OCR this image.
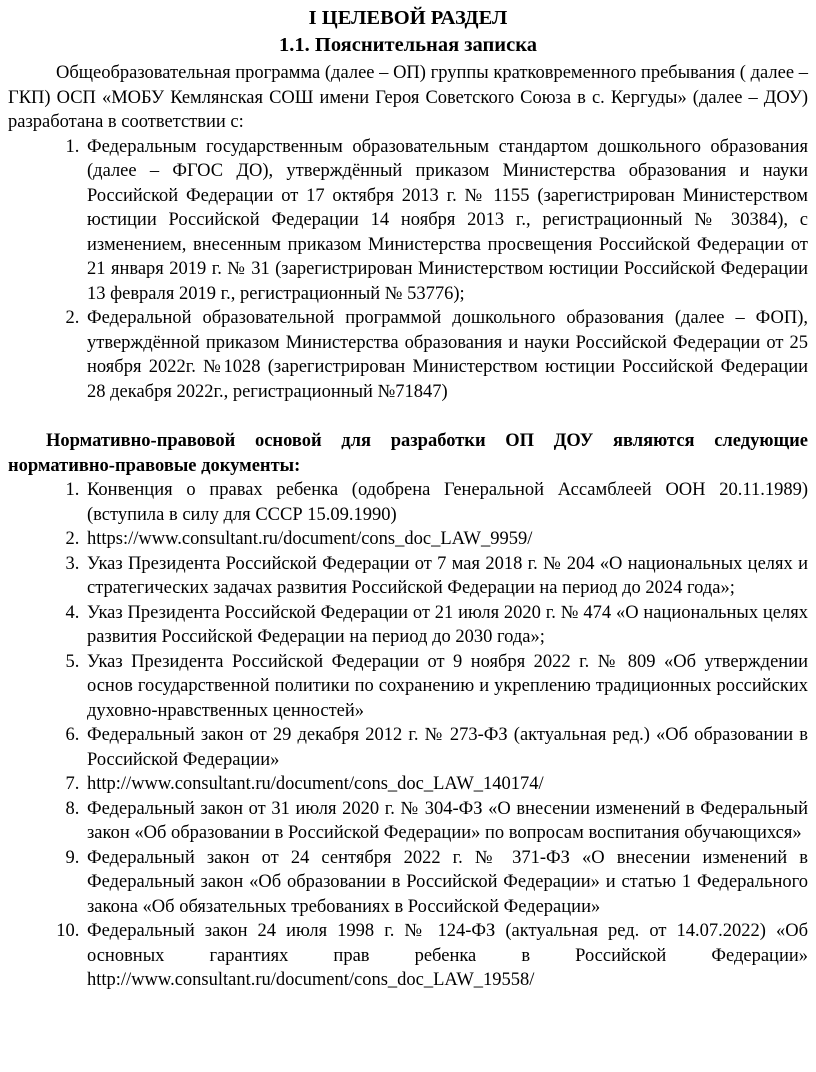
I ЦЕЛЕВОЙ РАЗДЕЛ
1.1. Пояснительная записка

Общеобразовательная программа (далее – ОП) группы кратковременного пребывания ( далее – ГКП) ОСП «МОБУ Кемлянская СОШ имени Героя Советского Союза в с. Кергуды» (далее – ДОУ) разработана в соответствии с:

1. Федеральным государственным образовательным стандартом дошкольного образования (далее – ФГОС ДО), утверждённый приказом Министерства образования и науки Российской Федерации от 17 октября 2013 г. № 1155 (зарегистрирован Министерством юстиции Российской Федерации 14 ноября 2013 г., регистрационный № 30384), с изменением, внесенным приказом Министерства просвещения Российской Федерации от 21 января 2019 г. № 31 (зарегистрирован Министерством юстиции Российской Федерации 13 февраля 2019 г., регистрационный № 53776);
2. Федеральной образовательной программой дошкольного образования (далее – ФОП), утверждённой приказом Министерства образования и науки Российской Федерации от 25 ноября 2022г. №1028 (зарегистрирован Министерством юстиции Российской Федерации 28 декабря 2022г., регистрационный №71847)

Нормативно-правовой основой для разработки ОП ДОУ являются следующие нормативно-правовые документы:

1. Конвенция о правах ребенка (одобрена Генеральной Ассамблеей ООН 20.11.1989) (вступила в силу для СССР 15.09.1990)
2. https://www.consultant.ru/document/cons_doc_LAW_9959/
3. Указ Президента Российской Федерации от 7 мая 2018 г. № 204 «О национальных целях и стратегических задачах развития Российской Федерации на период до 2024 года»;
4. Указ Президента Российской Федерации от 21 июля 2020 г. № 474 «О национальных целях развития Российской Федерации на период до 2030 года»;
5. Указ Президента Российской Федерации от 9 ноября 2022 г. № 809 «Об утверждении основ государственной политики по сохранению и укреплению традиционных российских духовно-нравственных ценностей»
6. Федеральный закон от 29 декабря 2012 г. № 273-ФЗ (актуальная ред.) «Об образовании в Российской Федерации»
7. http://www.consultant.ru/document/cons_doc_LAW_140174/
8. Федеральный закон от 31 июля 2020 г. № 304-ФЗ «О внесении изменений в Федеральный закон «Об образовании в Российской Федерации» по вопросам воспитания обучающихся»
9. Федеральный закон от 24 сентября 2022 г. № 371-ФЗ «О внесении изменений в Федеральный закон «Об образовании в Российской Федерации» и статью 1 Федерального закона «Об обязательных требованиях в Российской Федерации»
10. Федеральный закон 24 июля 1998 г. № 124-ФЗ (актуальная ред. от 14.07.2022) «Об основных гарантиях прав ребенка в Российской Федерации» http://www.consultant.ru/document/cons_doc_LAW_19558/
